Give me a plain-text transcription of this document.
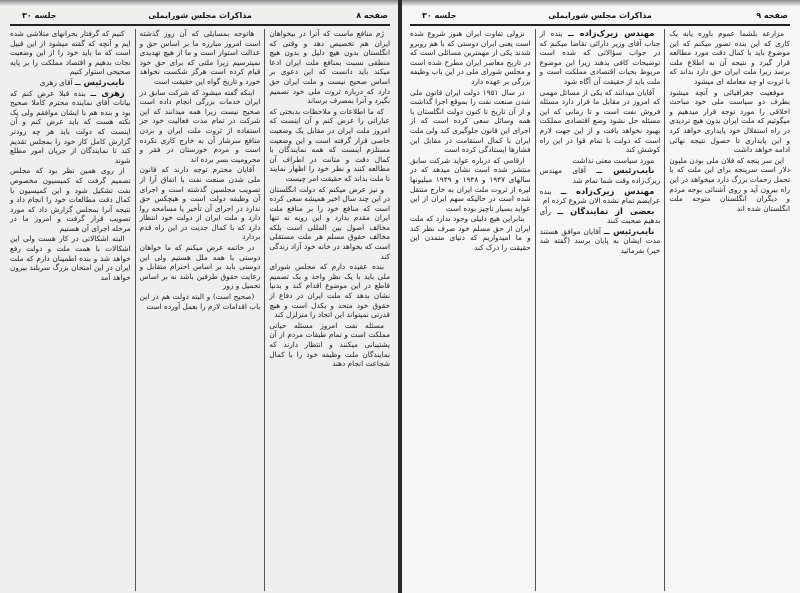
صفحه ۸
مذاکرات مجلس شورایملی
جلسه ۳۰

ژم منافع ماست که آنرا در بیخواهان ایران هم تخصیص دهد و وقتی که انگلستان بدون هیچ دلیل و بدون هیچ منطقی نسبت بمنافع ملت ایران ادعا میکند باید دانست که این دعوی بر اساس صحیح نیست و ملت ایران حق دارد که درباره ثروت ملی خود تصمیم بگیرد و آنرا بمصرف برساند

که ما اطلاعات و ملاحظات بدبختی که عباراتی را عرض کنم و آن اینست که امروز ملت ایران در مقابل یک وضعیت خاصی قرار گرفته است و این وضعیت مستلزم اینست که همه نمایندگان با کمال دقت و متانت در اطراف آن مطالعه کنند و نظر خود را اظهار نمایند تا ملت بداند که حقیقت امر چیست

و نیز عرض میکنم که دولت انگلستان در این چند سال اخیر همیشه سعی کرده است که منافع خود را بر منافع ملت ایران مقدم بدارد و این رویه نه تنها مخالف اصول بین المللی است بلکه مخالف حقوق مسلم هر ملت مستقلی است که بخواهد در خانه خود آزاد زندگی کند

بنده عقیده دارم که مجلس شورای ملی باید با یک نظر واحد و یک تصمیم قاطع در این موضوع اقدام کند و بدنیا نشان بدهد که ملت ایران در دفاع از حقوق خود متحد و یکدل است و هیچ قدرتی نمیتواند این اتحاد را متزلزل کند

مسئله نفت امروز مسئله حیاتی مملکت است و تمام طبقات مردم از آن پشتیبانی میکنند و انتظار دارند که نمایندگان ملت وظیفه خود را با کمال شجاعت انجام دهند

هاتوجه بمسایلی که آن روز گذشته است امروز مبارزه ما بر اساس حق و عدالت استوار است و ما از هیچ تهدیدی نمیترسیم زیرا ملتی که برای حق خود قیام کرده است هرگز شکست نخواهد خورد و تاریخ گواه این حقیقت است

اینکه گفته میشود که شرکت سابق در ایران خدمات بزرگی انجام داده است صحیح نیست زیرا همه میدانند که این شرکت در تمام مدت فعالیت خود جز استفاده از ثروت ملت ایران و بردن منافع سرشار آن به خارج کاری نکرده است و مردم خوزستان در فقر و محرومیت بسر برده اند

آقایان محترم توجه دارند که قانون ملی شدن صنعت نفت با اتفاق آرا از تصویب مجلسین گذشته است و اجرای آن وظیفه دولت است و هیچکس حق ندارد در اجرای آن تأخیر یا مسامحه روا دارد و ملت ایران از دولت خود انتظار دارد که با کمال جدیت در این راه قدم بردارد

در خاتمه عرض میکنم که ما خواهان دوستی با همه ملل هستیم ولی این دوستی باید بر اساس احترام متقابل و رعایت حقوق طرفین باشد نه بر اساس تحمیل و زور

(صحیح است) و البته دولت هم در این باب اقدامات لازم را بعمل آورده است

کنیم که گرفتار بحرانهای متلاشی شده ایم و آنچه که گفته میشود از این قبیل است که ما باید خود را از این وضعیت نجات بدهیم و اقتصاد مملکت را بر پایه صحیحی استوار کنیم

نایب‌رئیس ــ آقای زهری

زهری ــ بنده قبلا عرض کنم که بیانات آقای نماینده محترم کاملا صحیح بود و بنده هم با ایشان موافقم ولی یک نکته هست که باید عرض کنم و آن اینست که دولت باید هر چه زودتر گزارش کامل کار خود را بمجلس تقدیم کند تا نمایندگان از جریان امور مطلع شوند

از روی همین نظر بود که مجلس تصمیم گرفت که کمیسیون مخصوص نفت تشکیل شود و این کمیسیون با کمال دقت مطالعات خود را انجام داد و نتیجه آنرا بمجلس گزارش داد که مورد تصویب قرار گرفت و امروز ما در مرحله اجرای آن هستیم

البته اشکالاتی در کار هست ولی این اشکالات با همت ملت و دولت رفع خواهد شد و بنده اطمینان دارم که ملت ایران در این امتحان بزرگ سربلند بیرون خواهد آمد

صفحه ۹
مذاکرات مجلس شورایملی
جلسه ۳۰

مزارعه بلشما عموم باوره یابه یک کاری که این بنده تصور میکنم که این موضوع باید با کمال دقت مورد مطالعه قرار گیرد و نتیجه آن به اطلاع ملت برسد زیرا ملت ایران حق دارد بداند که با ثروت او چه معامله ای میشود

موقعیت جغرافیائی و آنچه میشود بطرف دو سیاست ملی خود مباحث اخلاقی را مورد توجه قرار میدهیم و میگوئیم که ملت ایران بدون هیچ تردیدی در راه استقلال خود پایداری خواهد کرد و این پایداری تا حصول نتیجه نهائی ادامه خواهد داشت

این سر پنجه که فلان ملی بودن ملیون دلار است سرپنجه برای این ملت که با تحمل زحمات بزرگ دارد میخواهد در این راه بیرون آید و روی آشنائی بوجه مردم و دیگران انگلستان متوجه ملت انگلستان شده اند

مهندس زیرک‌زاده ــ بنده از جناب آقای وزیر دارائی تقاضا میکنم که در جواب سؤالاتی که شده است توضیحات کافی بدهند زیرا این موضوع مربوط بحیات اقتصادی مملکت است و ملت باید از حقیقت آن آگاه شود

آقایان میدانند که یکی از مسائل مهمی که امروز در مقابل ما قرار دارد مسئله فروش نفت است و تا زمانی که این مسئله حل نشود وضع اقتصادی مملکت بهبود نخواهد یافت و از این جهت لازم است که دولت با تمام قوا در این راه کوشش کند

مورد سیاست معنی نداشت

نایب‌رئیس ــ آقای مهندس زیرک‌زاده وقت شما تمام شد

مهندس زیرک‌زاده ــ بنده عرایضم تمام نشده الان شروع کرده ام

بعضی از نمایندگان ــ رأی بدهیم صحبت کنند

نایب‌رئیس ــ آقایان موافق هستند مدت ایشان به پایان برسد (گفته شد خیر) بفرمائید

نزولی تفاوت ایران هنوز شروع شده است یعنی ایران دوستی که با هم روبرو شدند یکی از مهمترین مسائلی است که در تاریخ معاصر ایران مطرح شده است و مجلس شورای ملی در این باب وظیفه بزرگی بر عهده دارد

در سال ۱۹۵۱ دولت ایران قانون ملی شدن صنعت نفت را بموقع اجرا گذاشت و از آن تاریخ تا کنون دولت انگلستان با همه وسائل سعی کرده است که از اجرای این قانون جلوگیری کند ولی ملت ایران با کمال استقامت در مقابل این فشارها ایستادگی کرده است

ارقامی که درباره عواید شرکت سابق منتشر شده است نشان میدهد که در سالهای ۱۹۴۷ و ۱۹۴۸ و ۱۹۴۹ میلیونها لیره از ثروت ملت ایران به خارج منتقل شده است در حالیکه سهم ایران از این عواید بسیار ناچیز بوده است

بنابراین هیچ دلیلی وجود ندارد که ملت ایران از حق مسلم خود صرف نظر کند و ما امیدواریم که دنیای متمدن این حقیقت را درک کند
